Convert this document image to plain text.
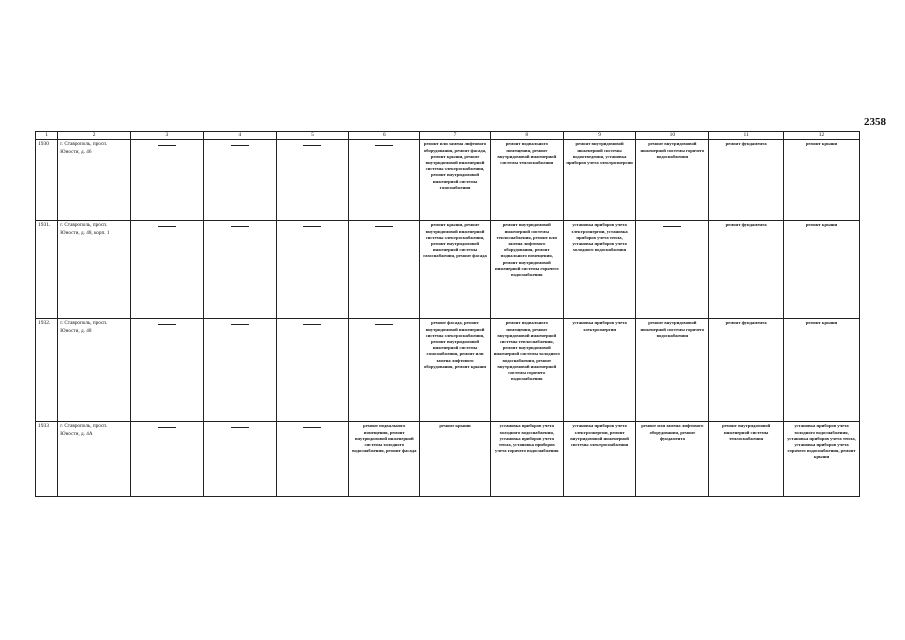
2358
1	2	3	4	5	6	7	8	9	10	11	12
1930	г. Ставрополь, просп. Юности, д. 46					ремонт или замена лифтового оборудования, ремонт фасада, ремонт крыши, ремонт внутридомовой инженерной системы электроснабжения, ремонт внутридомовой инженерной системы газоснабжения	ремонт подвального помещения, ремонт внутридомовой инженерной системы теплоснабжения	ремонт внутридомовой инженерной системы водоотведения, установка приборов учета электроэнергии	ремонт внутридомовой инженерной системы горячего водоснабжения	ремонт фундамента	ремонт крыши
1931.	г. Ставрополь, просп. Юности, д. 48, корп. 1					ремонт крыши, ремонт внутридомовой инженерной системы электроснабжения, ремонт внутридомовой инженерной системы газоснабжения, ремонт фасада	ремонт внутридомовой инженерной системы теплоснабжения, ремонт или замена лифтового оборудования, ремонт подвального помещения, ремонт внутридомовой инженерной системы горячего водоснабжения	установка приборов учета электроэнергии, установка приборов учета тепла, установка приборов учета холодного водоснабжения		ремонт фундамента	ремонт крыши
1932.	г. Ставрополь, просп. Юности, д. 48					ремонт фасада, ремонт внутридомовой инженерной системы электроснабжения, ремонт внутридомовой инженерной системы газоснабжения, ремонт или замена лифтового оборудования, ремонт крыши	ремонт подвального помещения, ремонт внутридомовой инженерной системы теплоснабжения, ремонт внутридомовой инженерной системы холодного водоснабжения, ремонт внутридомовой инженерной системы горячего водоснабжения	установка приборов учета электроэнергии	ремонт внутридомовой инженерной системы горячего водоснабжения	ремонт фундамента	ремонт крыши
1933	г. Ставрополь, просп. Юности, д. 4А				ремонт подвального помещения, ремонт внутридомовой инженерной системы холодного водоснабжения, ремонт фасада	ремонт крыши	установка приборов учета холодного водоснабжения, установка приборов учета тепла, установка приборов учета горячего водоснабжения	установка приборов учета электроэнергии, ремонт внутридомовой инженерной системы электроснабжения	ремонт или замена лифтового оборудования, ремонт фундамента	ремонт внутридомовой инженерной системы теплоснабжения	установка приборов учета холодного водоснабжения, установка приборов учета тепла, установка приборов учета горячего водоснабжения, ремонт крыши
